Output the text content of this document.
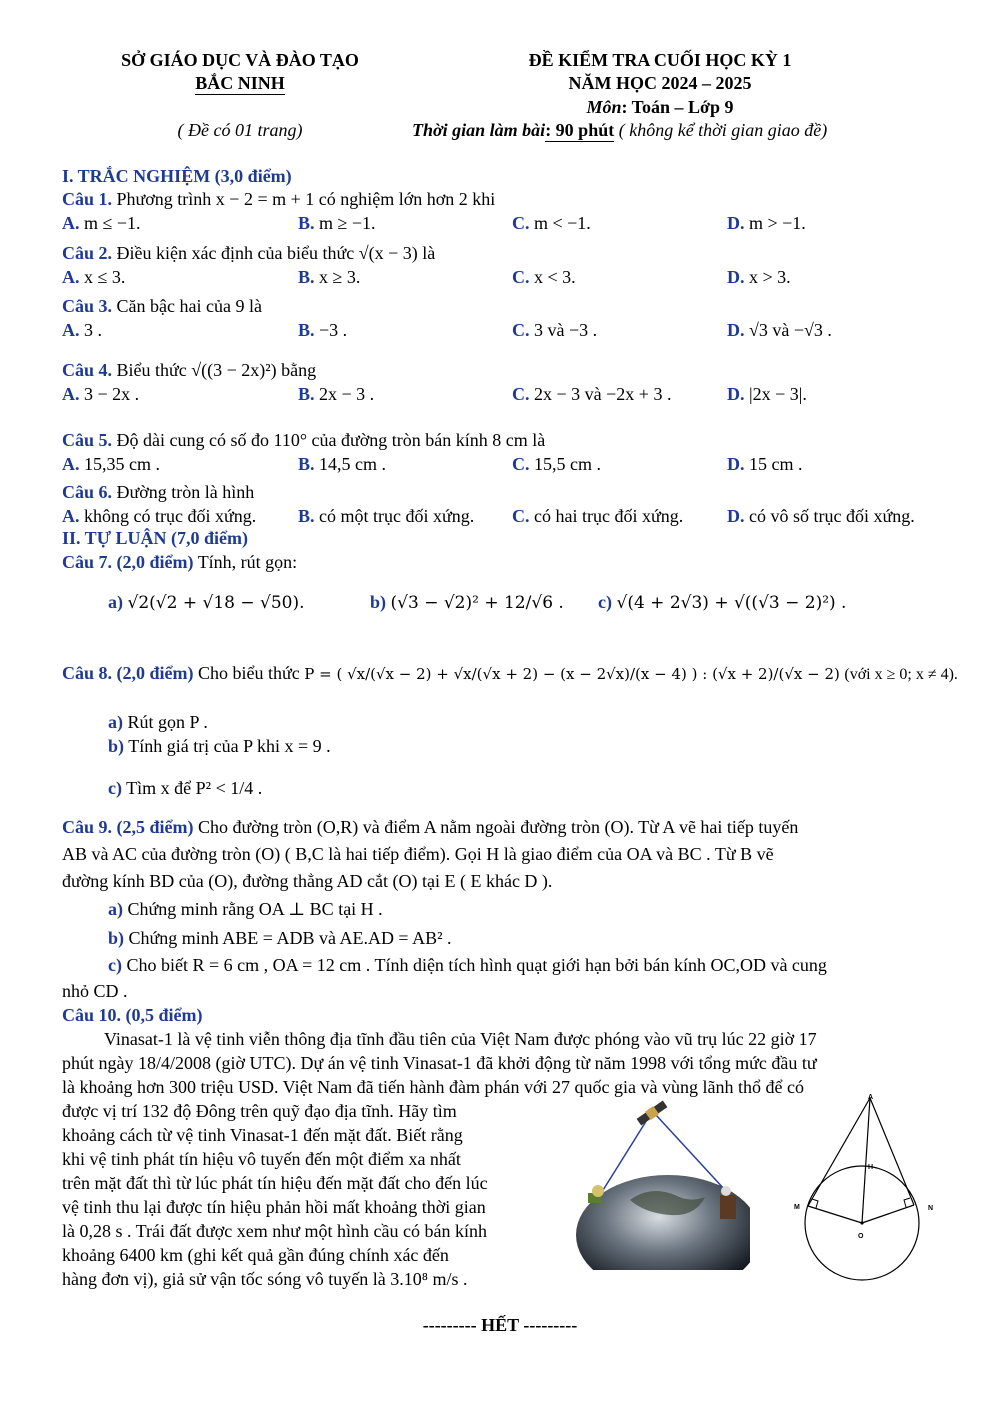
SỞ GIÁO DỤC VÀ ĐÀO TẠO
BẮC NINH
( Đề có 01 trang)
ĐỀ KIỂM TRA CUỐI HỌC KỲ 1
NĂM HỌC 2024 – 2025
Môn: Toán – Lớp 9
Thời gian làm bài: 90 phút ( không kể thời gian giao đề)
I. TRẮC NGHIỆM (3,0 điểm)
Câu 1. Phương trình x − 2 = m + 1 có nghiệm lớn hơn 2 khi
A. m ≤ −1.	B. m ≥ −1.	C. m < −1.	D. m > −1.
Câu 2. Điều kiện xác định của biểu thức √(x − 3) là
A. x ≤ 3.	B. x ≥ 3.	C. x < 3.	D. x > 3.
Câu 3. Căn bậc hai của 9 là
A. 3 .	B. −3 .	C. 3 và −3 .	D. √3 và −√3 .
Câu 4. Biểu thức √((3 − 2x)²) bằng
A. 3 − 2x .	B. 2x − 3 .	C. 2x − 3 và −2x + 3 .	D. |2x − 3|.
Câu 5. Độ dài cung có số đo 110° của đường tròn bán kính 8 cm là
A. 15,35 cm .	B. 14,5 cm .	C. 15,5 cm .	D. 15 cm .
Câu 6. Đường tròn là hình
A. không có trục đối xứng. B. có một trục đối xứng. C. có hai trục đối xứng. D. có vô số trục đối xứng.
II. TỰ LUẬN (7,0 điểm)
Câu 7. (2,0 điểm) Tính, rút gọn:
a) √2(√2 + √18 − √50).	b) (√3 − √2)² + 12/√6 . c) √(4 + 2√3) + √((√3 − 2)²) .
Câu 8. (2,0 điểm) Cho biểu thức P = ( √x/(√x − 2) + √x/(√x + 2) − (x − 2√x)/(x − 4) ) : (√x + 2)/(√x − 2) (với x ≥ 0; x ≠ 4).
a) Rút gọn P .
b) Tính giá trị của P khi x = 9 .
c) Tìm x để P² < 1/4 .
Câu 9. (2,5 điểm) Cho đường tròn (O,R) và điểm A nằm ngoài đường tròn (O). Từ A vẽ hai tiếp tuyến
AB và AC của đường tròn (O) ( B,C là hai tiếp điểm). Gọi H là giao điểm của OA và BC . Từ B vẽ
đường kính BD của (O), đường thẳng AD cắt (O) tại E ( E khác D ).
a) Chứng minh rằng OA ⊥ BC tại H .
b) Chứng minh ABE = ADB và AE.AD = AB² .
c) Cho biết R = 6 cm , OA = 12 cm . Tính diện tích hình quạt giới hạn bởi bán kính OC,OD và cung
nhỏ CD .
Câu 10. (0,5 điểm)
Vinasat-1 là vệ tinh viễn thông địa tĩnh đầu tiên của Việt Nam được phóng vào vũ trụ lúc 22 giờ 17
phút ngày 18/4/2008 (giờ UTC). Dự án vệ tinh Vinasat-1 đã khởi động từ năm 1998 với tổng mức đầu tư
là khoảng hơn 300 triệu USD. Việt Nam đã tiến hành đàm phán với 27 quốc gia và vùng lãnh thổ để có
được vị trí 132 độ Đông trên quỹ đạo địa tĩnh. Hãy tìm
khoảng cách từ vệ tinh Vinasat-1 đến mặt đất. Biết rằng
khi vệ tinh phát tín hiệu vô tuyến đến một điểm xa nhất
trên mặt đất thì từ lúc phát tín hiệu đến mặt đất cho đến lúc
vệ tinh thu lại được tín hiệu phản hồi mất khoảng thời gian
là 0,28 s . Trái đất được xem như một hình cầu có bán kính
khoảng 6400 km (ghi kết quả gần đúng chính xác đến
hàng đơn vị), giả sử vận tốc sóng vô tuyến là 3.10⁸ m/s .
A
H
M	N
O
--------- HẾT ---------
